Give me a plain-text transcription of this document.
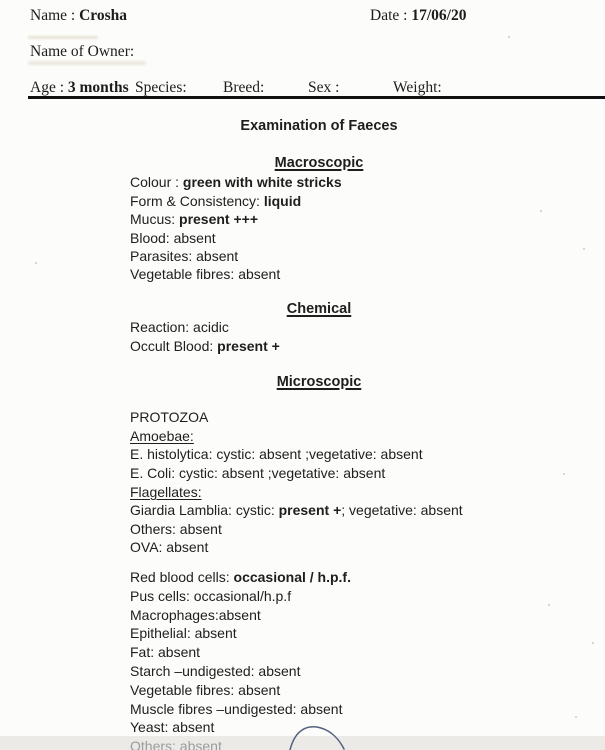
Name : Crosha	Date : 17/06/20
Name of Owner:
Age : 3 months Species: Breed:	Sex :	Weight:
Examination of Faeces
Macroscopic
Colour : green with white stricks
Form & Consistency: liquid
Mucus: present +++
Blood: absent
Parasites: absent
Vegetable fibres: absent
Chemical
Reaction: acidic
Occult Blood: present +
Microscopic
PROTOZOA
Amoebae:
E. histolytica: cystic: absent ;vegetative: absent
E. Coli: cystic: absent ;vegetative: absent
Flagellates:
Giardia Lamblia: cystic: present +; vegetative: absent
Others: absent
OVA: absent
Red blood cells: occasional / h.p.f.
Pus cells: occasional/h.p.f
Macrophages:absent
Epithelial: absent
Fat: absent
Starch –undigested: absent
Vegetable fibres: absent
Muscle fibres –undigested: absent
Yeast: absent
Others: absent
